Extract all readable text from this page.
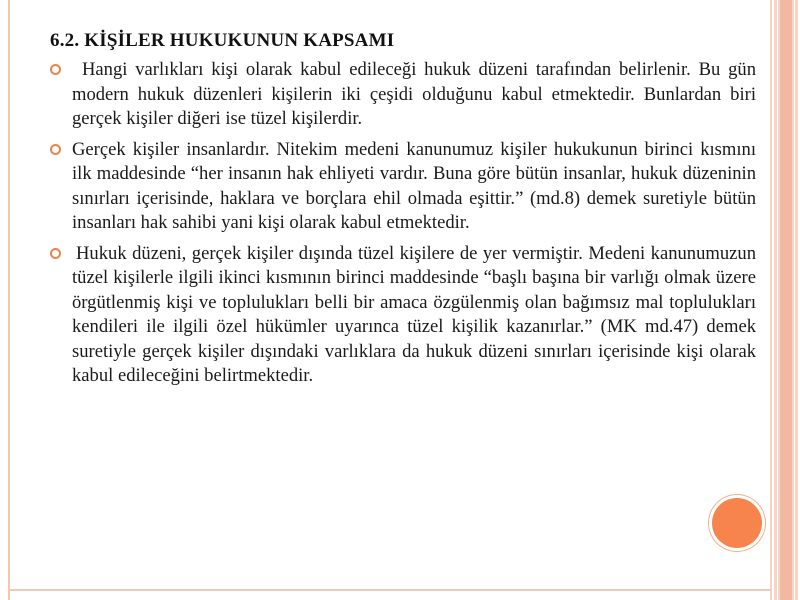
6.2. KİŞİLER HUKUKUNUN KAPSAMI
Hangi varlıkları kişi olarak kabul edileceği hukuk düzeni tarafından belirlenir. Bu gün modern hukuk düzenleri kişilerin iki çeşidi olduğunu kabul etmektedir. Bunlardan biri gerçek kişiler diğeri ise tüzel kişilerdir.
Gerçek kişiler insanlardır. Nitekim medeni kanunumuz kişiler hukukunun birinci kısmını ilk maddesinde “her insanın hak ehliyeti vardır. Buna göre bütün insanlar, hukuk düzeninin sınırları içerisinde, haklara ve borçlara ehil olmada eşittir.” (md.8) demek suretiyle bütün insanları hak sahibi yani kişi olarak kabul etmektedir.
Hukuk düzeni, gerçek kişiler dışında tüzel kişilere de yer vermiştir. Medeni kanunumuzun tüzel kişilerle ilgili ikinci kısmının birinci maddesinde “başlı başına bir varlığı olmak üzere örgütlenmiş kişi ve toplulukları belli bir amaca özgülenmiş olan bağımsız mal toplulukları kendileri ile ilgili özel hükümler uyarınca tüzel kişilik kazanırlar.” (MK md.47) demek suretiyle gerçek kişiler dışındaki varlıklara da hukuk düzeni sınırları içerisinde kişi olarak kabul edileceğini belirtmektedir.
